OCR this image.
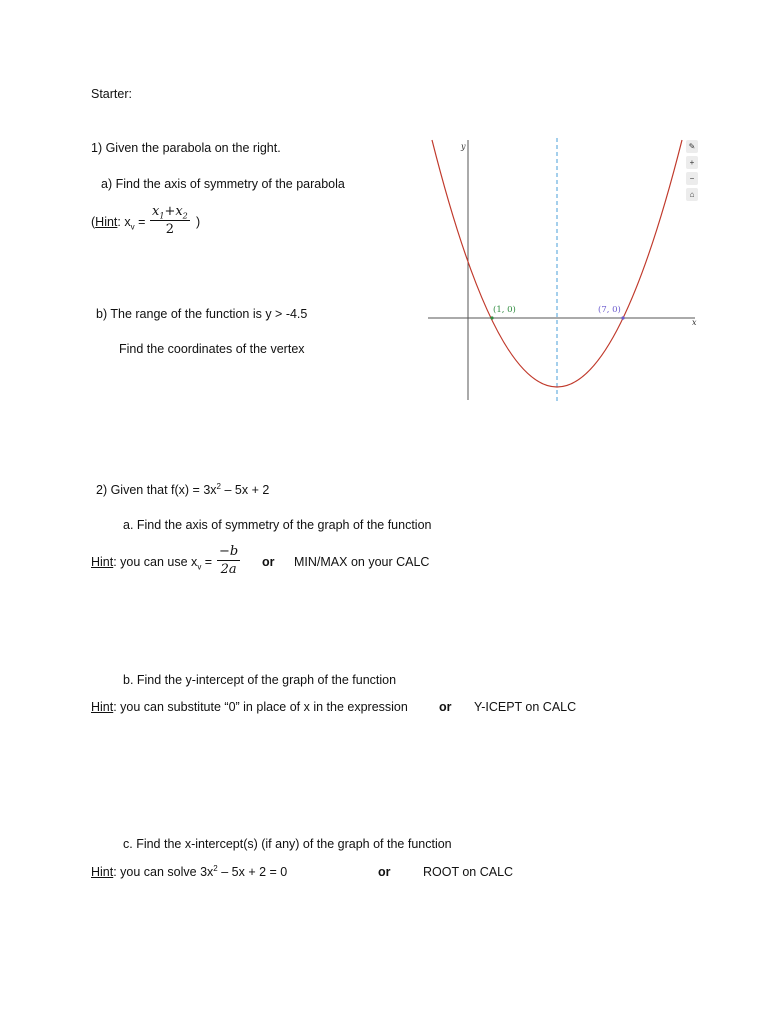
Starter:
1) Given the parabola on the right.
a) Find the axis of symmetry of the parabola
(Hint: $x_v$ =
$x_1+x_2$
2	)
b) The range of the function is y > -4.5
Find the coordinates of the vertex
y
x
(1, 0)	(7, 0)
✎
+
−
⌂
2) Given that $f(x) = 3x^2 - 5x + 2$
a. Find the axis of symmetry of the graph of the function
Hint: you can use $x_v$ =
−b
2a or MIN/MAX on your CALC
b. Find the y-intercept of the graph of the function
Hint: you can substitute “0” in place of x in the expression or Y-ICEPT on CALC
c. Find the x-intercept(s) (if any) of the graph of the function
Hint: you can solve $3x^2 - 5x + 2 = 0$	or	ROOT on CALC
